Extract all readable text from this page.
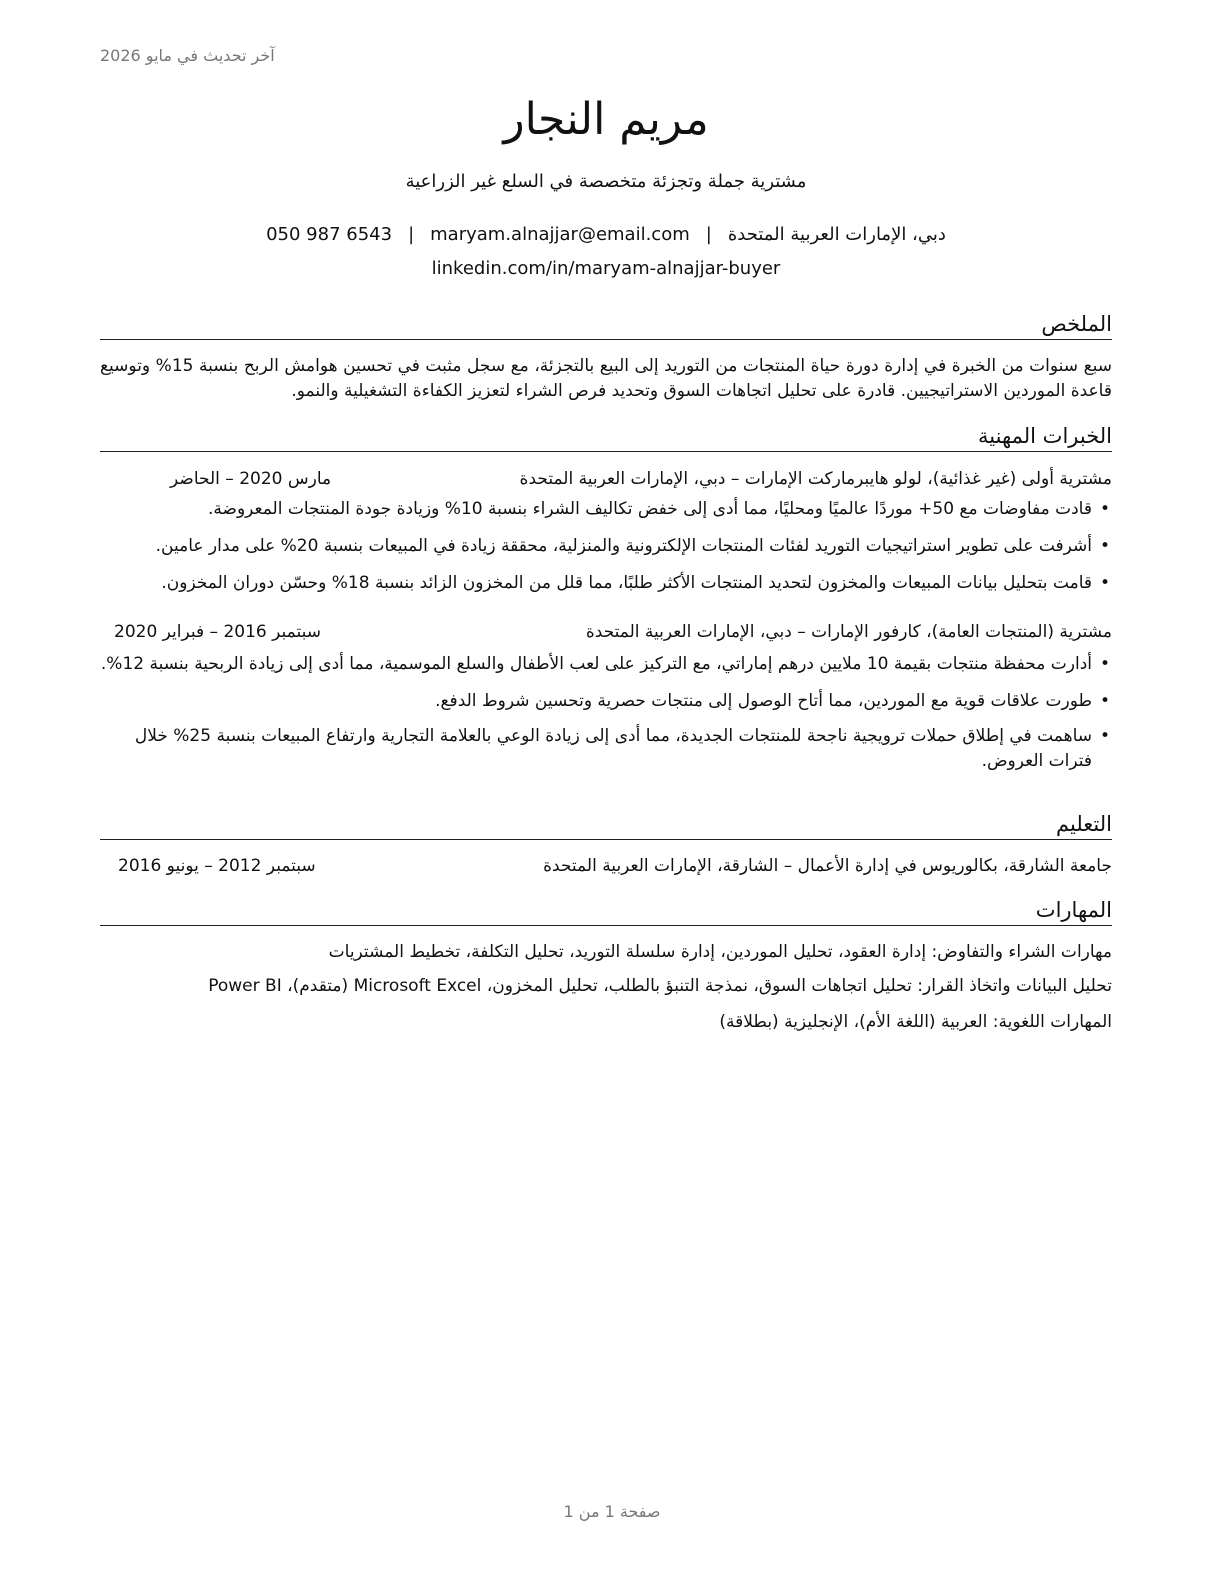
آخر تحديث في مايو 2026
مريم النجار
مشترية جملة وتجزئة متخصصة في السلع غير الزراعية
دبي، الإمارات العربية المتحدة|maryam.alnajjar@email.com|050 987 6543
linkedin.com/in/maryam-alnajjar-buyer
الملخص
سبع سنوات من الخبرة في إدارة دورة حياة المنتجات من التوريد إلى البيع بالتجزئة، مع سجل مثبت في تحسين هوامش الربح بنسبة 15% وتوسيع قاعدة الموردين الاستراتيجيين. قادرة على تحليل اتجاهات السوق وتحديد فرص الشراء لتعزيز الكفاءة التشغيلية والنمو.
الخبرات المهنية
مشترية أولى (غير غذائية)، لولو هايبرماركت الإمارات – دبي، الإمارات العربية المتحدة
مارس 2020 – الحاضر
• قادت مفاوضات مع 50+ موردًا عالميًا ومحليًا، مما أدى إلى خفض تكاليف الشراء بنسبة 10% وزيادة جودة المنتجات المعروضة.
• أشرفت على تطوير استراتيجيات التوريد لفئات المنتجات الإلكترونية والمنزلية، محققة زيادة في المبيعات بنسبة 20% على مدار عامين.
• قامت بتحليل بيانات المبيعات والمخزون لتحديد المنتجات الأكثر طلبًا، مما قلل من المخزون الزائد بنسبة 18% وحسّن دوران المخزون.
مشترية (المنتجات العامة)، كارفور الإمارات – دبي، الإمارات العربية المتحدة
سبتمبر 2016 – فبراير 2020
• أدارت محفظة منتجات بقيمة 10 ملايين درهم إماراتي، مع التركيز على لعب الأطفال والسلع الموسمية، مما أدى إلى زيادة الربحية بنسبة 12%.
• طورت علاقات قوية مع الموردين، مما أتاح الوصول إلى منتجات حصرية وتحسين شروط الدفع.
• ساهمت في إطلاق حملات ترويجية ناجحة للمنتجات الجديدة، مما أدى إلى زيادة الوعي بالعلامة التجارية وارتفاع المبيعات بنسبة 25% خلال فترات العروض.
التعليم
جامعة الشارقة، بكالوريوس في إدارة الأعمال – الشارقة، الإمارات العربية المتحدة
سبتمبر 2012 – يونيو 2016
المهارات
مهارات الشراء والتفاوض: إدارة العقود، تحليل الموردين، إدارة سلسلة التوريد، تحليل التكلفة، تخطيط المشتريات
تحليل البيانات واتخاذ القرار: تحليل اتجاهات السوق، نمذجة التنبؤ بالطلب، تحليل المخزون، Microsoft Excel (متقدم)، Power BI
المهارات اللغوية: العربية (اللغة الأم)، الإنجليزية (بطلاقة)
صفحة 1 من 1
